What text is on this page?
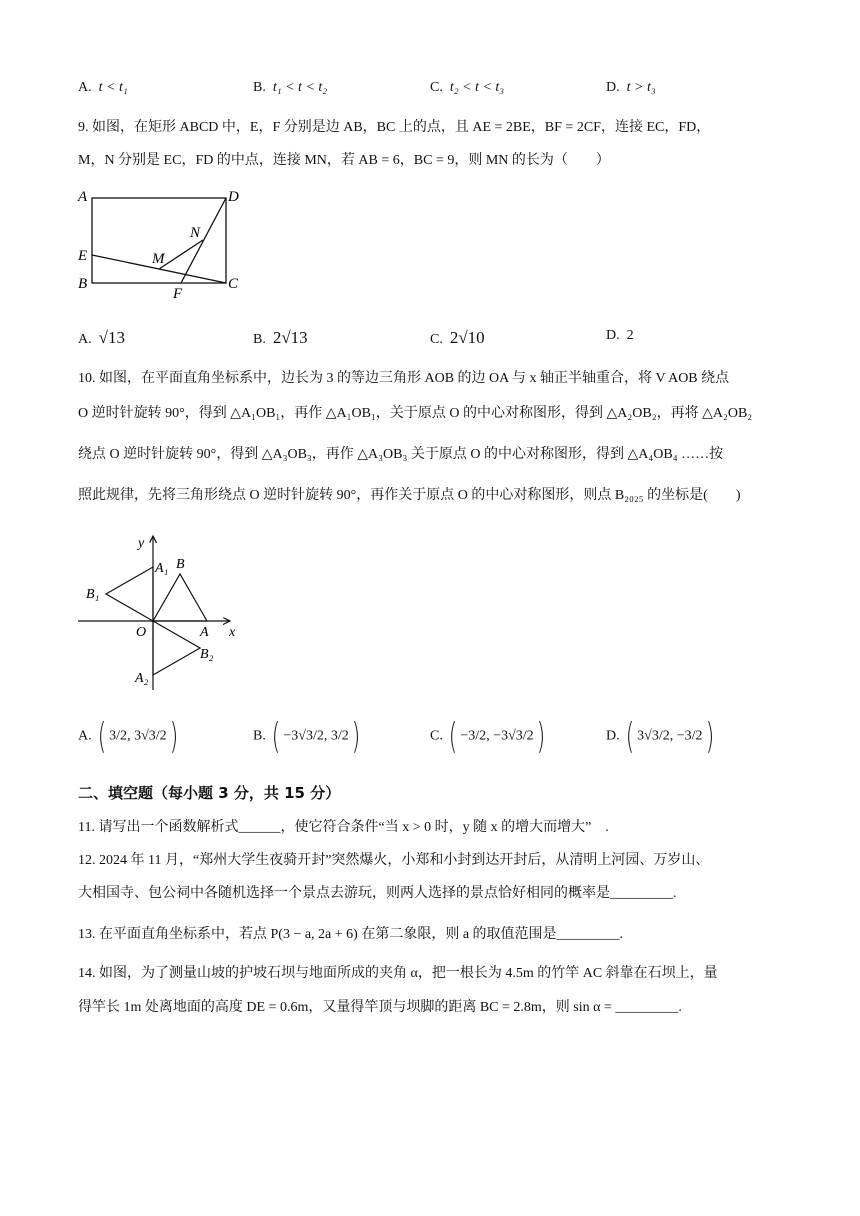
A. t < t₁	B. t₁ < t < t₂	C. t₂ < t < t₃	D. t > t₃
9. 如图，在矩形 ABCD 中，E，F 分别是边 AB，BC 上的点，且 AE = 2BE，BF = 2CF，连接 EC，FD，
M，N 分别是 EC，FD 的中点，连接 MN，若 AB = 6，BC = 9，则 MN 的长为（　　）
A	D
E
N
M
B
F
C
A. √13	B. 2√13	C. 2√10	D. 2
10. 如图，在平面直角坐标系中，边长为 3 的等边三角形 AOB 的边 OA 与 x 轴正半轴重合，将 V AOB 绕点
O 逆时针旋转 90°，得到 △A₁OB₁，再作 △A₁OB₁，关于原点 O 的中心对称图形，得到 △A₂OB₂，再将 △A₂OB₂
绕点 O 逆时针旋转 90°，得到 △A₃OB₃，再作 △A₃OB₃ 关于原点 O 的中心对称图形，得到 △A₄OB₄ ……按
照此规律，先将三角形绕点 O 逆时针旋转 90°，再作关于原点 O 的中心对称图形，则点 B₂₀₂₅ 的坐标是(　　)
y
x
O	A
B
A₁
B₁
A₂
B₂
A. ( 3/2, 3√3/2)	B. ( −3√3/2, 3/2)	C. ( −3/2, −3√3/2)	D. ( 3√3/2, −3/2)
二、填空题（每小题 3 分，共 15 分）
11. 请写出一个函数解析式______，使它符合条件“当 x > 0 时，y 随 x 的增大而增大”　.
12. 2024 年 11 月，“郑州大学生夜骑开封”突然爆火，小郑和小封到达开封后，从清明上河园、万岁山、
大相国寺、包公祠中各随机选择一个景点去游玩，则两人选择的景点恰好相同的概率是_________.
13. 在平面直角坐标系中，若点 P(3 − a, 2a + 6) 在第二象限，则 a 的取值范围是_________.
14. 如图，为了测量山坡的护坡石坝与地面所成的夹角 α，把一根长为 4.5m 的竹竿 AC 斜靠在石坝上，量
得竿长 1m 处离地面的高度 DE = 0.6m，又量得竿顶与坝脚的距离 BC = 2.8m，则 sin α = _________.
